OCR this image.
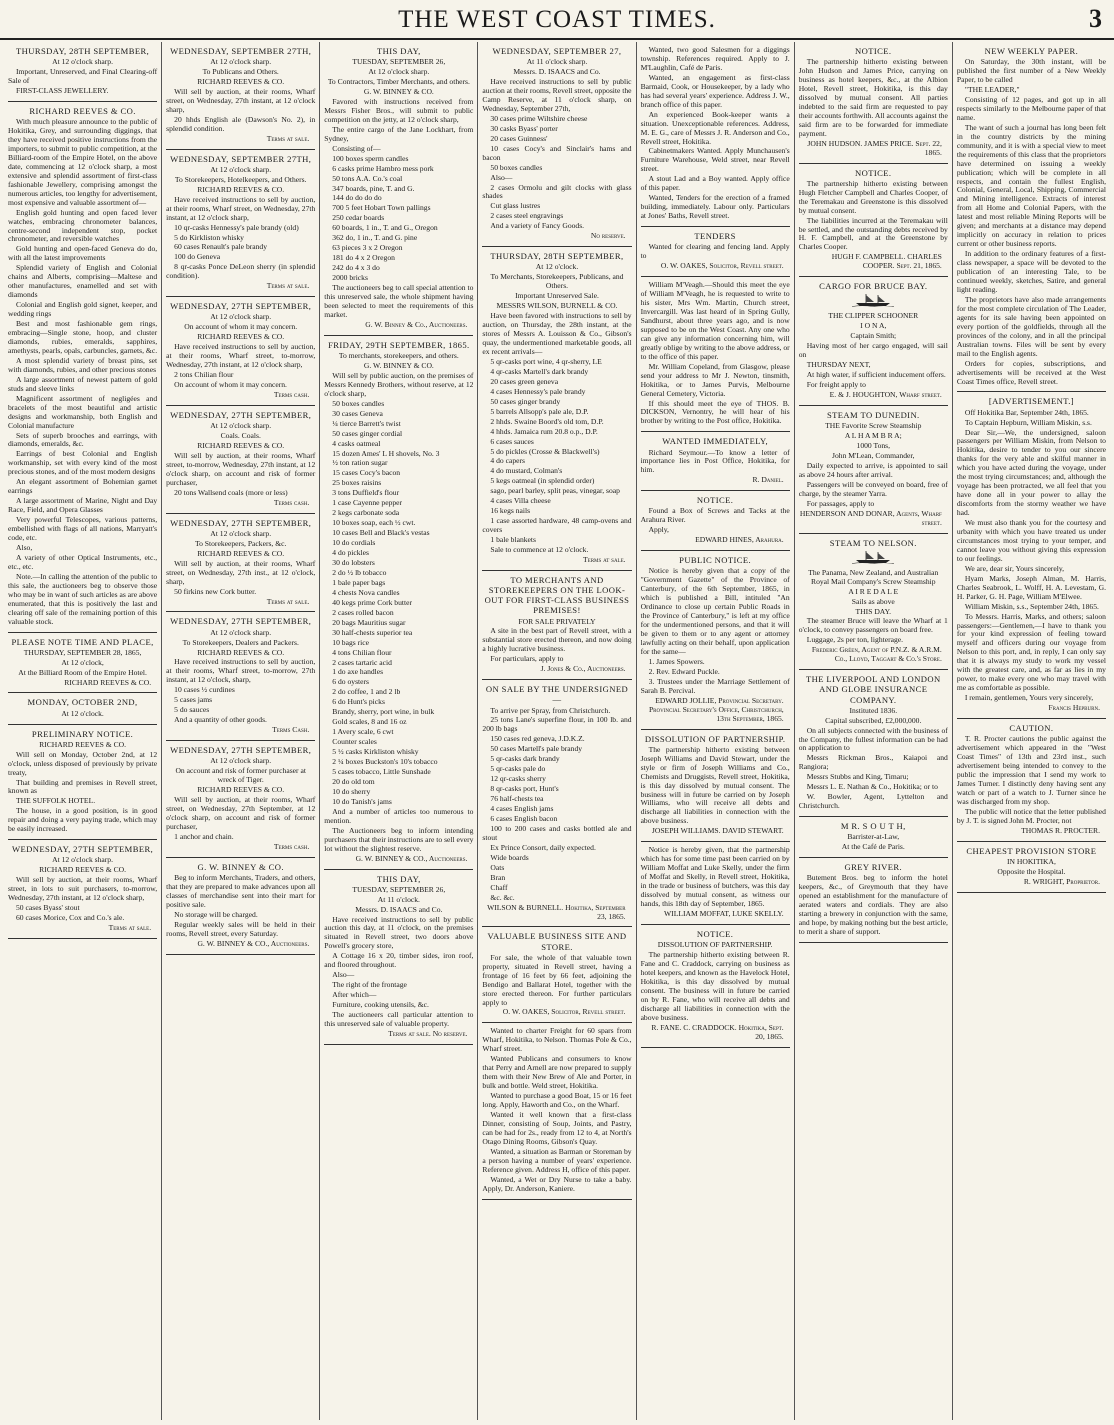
THE WEST COAST TIMES.	3
THURSDAY, 28TH SEPTEMBER,
At 12 o'clock sharp.
Important, Unreserved, and Final Clearing-off Sale of
FIRST-CLASS JEWELLERY.
RICHARD REEVES & CO.
With much pleasure announce to the public of Hokitika, Grey, and surrounding diggings, that they have received positive instructions from the importers, to submit to public competition, at the Billiard-room of the Empire Hotel, on the above date, commencing at 12 o'clock sharp, a most extensive and splendid assortment of first-class fashionable Jewellery, comprising amongst the numerous articles, too lengthy for advertisement, most expensive and valuable assortment of—
English gold hunting and open faced lever watches, embracing chronometer balances, centre-second independent stop, pocket chronometer, and reversible watches
Gold hunting and open-faced Geneva do do, with all the latest improvements
Splendid variety of English and Colonial chains and Alberts, comprising—Maltese and other manufactures, enamelled and set with diamonds
Colonial and English gold signet, keeper, and wedding rings
Best and most fashionable gem rings, embracing—Single stone, hoop, and cluster diamonds, rubies, emeralds, sapphires, amethysts, pearls, opals, carbuncles, garnets, &c.
A most splendid variety of breast pins, set with diamonds, rubies, and other precious stones
A large assortment of newest pattern of gold studs and sleeve links
Magnificent assortment of negligées and bracelets of the most beautiful and artistic designs and workmanship, both English and Colonial manufacture
Sets of superb brooches and earrings, with diamonds, emeralds, &c.
Earrings of best Colonial and English workmanship, set with every kind of the most precious stones, and of the most modern designs
An elegant assortment of Bohemian garnet earrings
A large assortment of Marine, Night and Day Race, Field, and Opera Glasses
Very powerful Telescopes, various patterns, embellished with flags of all nations, Marryatt's code, etc.
Also,
A variety of other Optical Instruments, etc., etc., etc.
Note.—In calling the attention of the public to this sale, the auctioneers beg to observe those who may be in want of such articles as are above enumerated, that this is positively the last and clearing off sale of the remaining portion of this valuable stock.
PLEASE NOTE TIME AND PLACE,
THURSDAY, SEPTEMBER 28, 1865,
At 12 o'clock,
At the Billiard Room of the Empire Hotel.
RICHARD REEVES & CO.
MONDAY, OCTOBER 2ND,
At 12 o'clock.
PRELIMINARY NOTICE.
RICHARD REEVES & CO.
Will sell on Monday, October 2nd, at 12 o'clock, unless disposed of previously by private treaty,
That building and premises in Revell street, known as
THE SUFFOLK HOTEL.
The house, in a good position, is in good repair and doing a very paying trade, which may be easily increased.
WEDNESDAY, 27TH SEPTEMBER,
At 12 o'clock sharp.
RICHARD REEVES & CO.
Will sell by auction, at their rooms, Wharf street, in lots to suit purchasers, to-morrow, Wednesday, 27th instant, at 12 o'clock sharp,
50 cases Byass' stout
60 cases Morice, Cox and Co.'s ale.
Terms at sale.
WEDNESDAY, SEPTEMBER 27TH,
At 12 o'clock sharp.
To Publicans and Others.
RICHARD REEVES & CO.
Will sell by auction, at their rooms, Wharf street, on Wednesday, 27th instant, at 12 o'clock sharp,
20 hhds English ale (Dawson's No. 2), in splendid condition.
Terms at sale.
WEDNESDAY, SEPTEMBER 27TH,
At 12 o'clock sharp.
To Storekeepers, Hotelkeepers, and Others.
RICHARD REEVES & CO.
Have received instructions to sell by auction, at their rooms, Wharf street, on Wednesday, 27th instant, at 12 o'clock sharp,
10 qr-casks Hennessy's pale brandy (old)
5 do Kirkliston whisky
60 cases Renault's pale brandy
100 do Geneva
8 qr-casks Ponce DeLeon sherry (in splendid condition).
Terms at sale.
WEDNESDAY, 27TH SEPTEMBER,
At 12 o'clock sharp.
On account of whom it may concern.
RICHARD REEVES & CO.
Have received instructions to sell by auction, at their rooms, Wharf street, to-morrow, Wednesday, 27th instant, at 12 o'clock sharp,
2 tons Chilian flour
On account of whom it may concern.
Terms cash.
WEDNESDAY, 27TH SEPTEMBER,
At 12 o'clock sharp.
Coals. Coals.
RICHARD REEVES & CO.
Will sell by auction, at their rooms, Wharf street, to-morrow, Wednesday, 27th instant, at 12 o'clock sharp, on account and risk of former purchaser,
20 tons Wallsend coals (more or less)
Terms cash.
WEDNESDAY, 27TH SEPTEMBER,
At 12 o'clock sharp.
To Storekeepers, Packers, &c.
RICHARD REEVES & CO.
Will sell by auction, at their rooms, Wharf street, on Wednesday, 27th inst., at 12 o'clock, sharp,
50 firkins new Cork butter.
Terms at sale.
WEDNESDAY, 27TH SEPTEMBER,
At 12 o'clock sharp.
To Storekeepers, Dealers and Packers.
RICHARD REEVES & CO.
Have received instructions to sell by auction, at their rooms, Wharf street, to-morrow, 27th instant, at 12 o'clock, sharp,
10 cases ½ curdines
5 cases jams
5 do sauces
And a quantity of other goods.
Terms Cash.
WEDNESDAY, 27TH SEPTEMBER,
At 12 o'clock sharp.
On account and risk of former purchaser at wreck of Tiger.
RICHARD REEVES & CO.
Will sell by auction, at their rooms, Wharf street, on Wednesday, 27th September, at 12 o'clock sharp, on account and risk of former purchaser,
1 anchor and chain.
Terms cash.
G. W. BINNEY & CO.
Beg to inform Merchants, Traders, and others, that they are prepared to make advances upon all classes of merchandise sent into their mart for positive sale.
No storage will be charged.
Regular weekly sales will be held in their rooms, Revell street, every Saturday.
G. W. BINNEY & CO., Auctioneers.
THIS DAY,
TUESDAY, SEPTEMBER 26,
At 12 o'clock sharp.
To Contractors, Timber Merchants, and others.
G. W. BINNEY & CO.
Favored with instructions received from Messrs Fisher Bros., will submit to public competition on the jetty, at 12 o'clock sharp,
The entire cargo of the Jane Lockhart, from Sydney,
Consisting of—
100 boxes sperm candles
6 casks prime Hambro mess pork
50 tons A.A. Co.'s coal
347 boards, pine, T. and G.
144 do do do do
700 5 feet Hobart Town pallings
250 cedar boards
60 boards, 1 in., T. and G., Oregon
362 do, 1 in., T. and G. pine
63 pieces 3 x 2 Oregon
181 do 4 x 2 Oregon
242 do 4 x 3 do
2000 bricks
The auctioneers beg to call special attention to this unreserved sale, the whole shipment having been selected to meet the requirements of this market.
G. W. Binney & Co., Auctioneers.
FRIDAY, 29TH SEPTEMBER, 1865.
To merchants, storekeepers, and others.
G. W. BINNEY & CO.
Will sell by public auction, on the premises of Messrs Kennedy Brothers, without reserve, at 12 o'clock sharp,
50 boxes candles
30 cases Geneva
¼ tierce Barrett's twist
50 cases ginger cordial
4 casks oatmeal
15 dozen Ames' L H shovels, No. 3
½ ton ration sugar
15 cases Cocy's bacon
25 boxes raisins
3 tons Duffield's flour
1 case Cayenne pepper
2 kegs carbonate soda
10 boxes soap, each ½ cwt.
10 cases Bell and Black's vestas
10 do cordials
4 do pickles
30 do lobsters
2 do ½ lb tobacco
1 bale paper bags
4 chests Nova candles
40 kegs prime Cork butter
2 cases rolled bacon
20 bags Mauritius sugar
30 half-chests superior tea
10 bags rice
4 tons Chilian flour
2 cases tartaric acid
1 do axe handles
6 do oysters
2 do coffee, 1 and 2 lb
6 do Hunt's picks
Brandy, sherry, port wine, in bulk
Gold scales, 8 and 16 oz
1 Avery scale, 6 cwt
Counter scales
5 ½ casks Kirkliston whisky
2 ¼ boxes Buckston's 10's tobacco
5 cases tobacco, Little Sunshade
20 do old tom
10 do sherry
10 do Tanish's jams
And a number of articles too numerous to mention.
The Auctioneers beg to inform intending purchasers that their instructions are to sell every lot without the slightest reserve.
G. W. BINNEY & CO., Auctioneers.
THIS DAY,
TUESDAY, SEPTEMBER 26,
At 11 o'clock.
Messrs. D. ISAACS and Co.
Have received instructions to sell by public auction this day, at 11 o'clock, on the premises situated in Revell street, two doors above Powell's grocery store,
A Cottage 16 x 20, timber sides, iron roof, and floored throughout.
Also—
The right of the frontage
After which—
Furniture, cooking utensils, &c.
The auctioneers call particular attention to this unreserved sale of valuable property.
Terms at sale. No reserve.
WEDNESDAY, SEPTEMBER 27,
At 11 o'clock sharp.
Messrs. D. ISAACS and Co.
Have received instructions to sell by public auction at their rooms, Revell street, opposite the Camp Reserve, at 11 o'clock sharp, on Wednesday, September 27th,
30 cases prime Wiltshire cheese
30 casks Byass' porter
20 cases Guinness'
10 cases Cocy's and Sinclair's hams and bacon
50 boxes candles
Also—
2 cases Ormolu and gilt clocks with glass shades
Cut glass lustres
2 cases steel engravings
And a variety of Fancy Goods.
No reserve.
THURSDAY, 28TH SEPTEMBER,
At 12 o'clock.
To Merchants, Storekeepers, Publicans, and Others.
Important Unreserved Sale.
MESSRS WILSON, BURNELL & CO.
Have been favored with instructions to sell by auction, on Thursday, the 28th instant, at the stores of Messrs A. Louisson & Co., Gibson's quay, the undermentioned marketable goods, all ex recent arrivals—
5 qr-casks port wine, 4 qr-sherry, LE
4 qr-casks Martell's dark brandy
20 cases green geneva
4 cases Hennessy's pale brandy
50 cases ginger brandy
5 barrels Allsopp's pale ale, D.P.
2 hhds. Swaine Boord's old tom, D.P.
4 hhds. Jamaica rum 20.8 o.p., D.P.
6 cases sauces
5 do pickles (Crosse & Blackwell's)
4 do capers
4 do mustard, Colman's
5 kegs oatmeal (in splendid order)
sago, pearl barley, split peas, vinegar, soap
4 cases Villa cheese
16 kegs nails
1 case assorted hardware, 48 camp-ovens and covers
1 bale blankets
Sale to commence at 12 o'clock.
Terms at sale.
TO MERCHANTS AND STOREKEEPERS ON THE LOOK-OUT FOR FIRST-CLASS BUSINESS PREMISES!
FOR SALE PRIVATELY
A site in the best part of Revell street, with a substantial store erected thereon, and now doing a highly lucrative business.
For particulars, apply to
J. Jones & Co., Auctioneers.
ON SALE BY THE UNDERSIGNED—
To arrive per Spray, from Christchurch.
25 tons Lane's superfine flour, in 100 lb. and 200 lb bags
150 cases red geneva, J.D.K.Z.
50 cases Martell's pale brandy
5 qr-casks dark brandy
5 qr-casks pale do
12 qr-casks sherry
8 qr-casks port, Hunt's
76 half-chests tea
4 cases English jams
6 cases English bacon
100 to 200 cases and casks bottled ale and stout
Ex Prince Consort, daily expected.
Wide boards
Oats
Bran
Chaff
&c. &c.
WILSON & BURNELL. Hokitika, September 23, 1865.
VALUABLE BUSINESS SITE AND STORE.
For sale, the whole of that valuable town property, situated in Revell street, having a frontage of 16 feet by 66 feet, adjoining the Bendigo and Ballarat Hotel, together with the store erected thereon. For further particulars apply to
O. W. OAKES, Solicitor, Revell street.
Wanted to charter Freight for 60 spars from Wharf, Hokitika, to Nelson. Thomas Pole & Co., Wharf street.
Wanted Publicans and consumers to know that Perry and Arnell are now prepared to supply them with their New Brew of Ale and Porter, in bulk and bottle. Weld street, Hokitika.
Wanted to purchase a good Boat, 15 or 16 feet long. Apply, Haworth and Co., on the Wharf.
Wanted it well known that a first-class Dinner, consisting of Soup, Joints, and Pastry, can be had for 2s., ready from 12 to 4, at North's Otago Dining Rooms, Gibson's Quay.
Wanted, a situation as Barman or Storeman by a person having a number of years' experience. Reference given. Address H, office of this paper.
Wanted, a Wet or Dry Nurse to take a baby. Apply, Dr. Anderson, Kaniere.
Wanted, two good Salesmen for a diggings township. References required. Apply to J. M'Laughlin, Café de Paris.
Wanted, an engagement as first-class Barmaid, Cook, or Housekeeper, by a lady who has had several years' experience. Address J. W., branch office of this paper.
An experienced Book-keeper wants a situation. Unexceptionable references. Address, M. E. G., care of Messrs J. R. Anderson and Co., Revell street, Hokitika.
Cabinetmakers Wanted. Apply Munchausen's Furniture Warehouse, Weld street, near Revell street.
A stout Lad and a Boy wanted. Apply office of this paper.
Wanted, Tenders for the erection of a framed building, immediately. Labour only. Particulars at Jones' Baths, Revell street.
TENDERS
Wanted for clearing and fencing land. Apply to
O. W. OAKES, Solicitor, Revell street.
William M'Veagh.—Should this meet the eye of William M'Veagh, he is requested to write to his sister, Mrs Wm. Martin, Church street, Invercargill. Was last heard of in Spring Gully, Sandhurst, about three years ago, and is now supposed to be on the West Coast. Any one who can give any information concerning him, will greatly oblige by writing to the above address, or to the office of this paper.
Mr. William Copeland, from Glasgow, please send your address to Mr J. Newton, tinsmith, Hokitika, or to James Purvis, Melbourne General Cemetery, Victoria.
If this should meet the eye of THOS. B. DICKSON, Vernontry, he will hear of his brother by writing to the Post office, Hokitika.
WANTED IMMEDIATELY,
Richard Seymour.—To know a letter of importance lies in Post Office, Hokitika, for him.
R. Daniel.
NOTICE.
Found a Box of Screws and Tacks at the Arahura River.
Apply,
EDWARD HINES, Arahura.
PUBLIC NOTICE.
Notice is hereby given that a copy of the "Government Gazette" of the Province of Canterbury, of the 6th September, 1865, in which is published a Bill, intituled "An Ordinance to close up certain Public Roads in the Province of Canterbury," is left at my office for the undermentioned persons, and that it will be given to them or to any agent or attorney lawfully acting on their behalf, upon application for the same—
1. James Spowers.
2. Rev. Edward Puckle.
3. Trustees under the Marriage Settlement of Sarah B. Percival.
EDWARD JOLLIE, Provincial Secretary. Provincial Secretary's Office, Christchurch, 13th September, 1865.
DISSOLUTION OF PARTNERSHIP.
The partnership hitherto existing between Joseph Williams and David Stewart, under the style or firm of Joseph Williams and Co., Chemists and Druggists, Revell street, Hokitika, is this day dissolved by mutual consent. The business will in future be carried on by Joseph Williams, who will receive all debts and discharge all liabilities in connection with the above business.
JOSEPH WILLIAMS. DAVID STEWART.
Notice is hereby given, that the partnership which has for some time past been carried on by William Moffat and Luke Skelly, under the firm of Moffat and Skelly, in Revell street, Hokitika, in the trade or business of butchers, was this day dissolved by mutual consent, as witness our hands, this 18th day of September, 1865.
WILLIAM MOFFAT, LUKE SKELLY.
NOTICE.
DISSOLUTION OF PARTNERSHIP.
The partnership hitherto existing between R. Fane and C. Craddock, carrying on business as hotel keepers, and known as the Havelock Hotel, Hokitika, is this day dissolved by mutual consent. The business will in future be carried on by R. Fane, who will receive all debts and discharge all liabilities in connection with the above business.
R. FANE. C. CRADDOCK. Hokitika, Sept. 20, 1865.
NOTICE.
The partnership hitherto existing between John Hudson and James Price, carrying on business as hotel keepers, &c., at the Albion Hotel, Revell street, Hokitika, is this day dissolved by mutual consent. All parties indebted to the said firm are requested to pay their accounts forthwith. All accounts against the said firm are to be forwarded for immediate payment.
JOHN HUDSON. JAMES PRICE. Sept. 22, 1865.
NOTICE.
The partnership hitherto existing between Hugh Fletcher Campbell and Charles Cooper, of the Teremakau and Greenstone is this dissolved by mutual consent.
The liabilities incurred at the Teremakau will be settled, and the outstanding debts received by H. F. Campbell, and at the Greenstone by Charles Cooper.
HUGH F. CAMPBELL. CHARLES COOPER. Sept. 21, 1865.
CARGO FOR BRUCE BAY.
THE CLIPPER SCHOONER
I O N A,
Captain Smith;
Having most of her cargo engaged, will sail on
THURSDAY NEXT,
At high water, if sufficient inducement offers.
For freight apply to
E. & J. HOUGHTON, Wharf street.
STEAM TO DUNEDIN.
THE Favorite Screw Steamship
A L H A M B R A;
1000 Tons,
John M'Lean, Commander,
Daily expected to arrive, is appointed to sail as above 24 hours after arrival.
Passengers will be conveyed on board, free of charge, by the steamer Yarra.
For passages, apply to
HENDERSON AND DONAR, Agents, Wharf street.
STEAM TO NELSON.
The Panama, New Zealand, and Australian Royal Mail Company's Screw Steamship
A I R E D A L E
Sails as above
THIS DAY.
The steamer Bruce will leave the Wharf at 1 o'clock, to convey passengers on board free.
Luggage, 2s per ton, lighterage.
Frederic Gréen, Agent of P.N.Z. & A.R.M. Co., Lloyd, Taggart & Co.'s Store.
THE LIVERPOOL AND LONDON AND GLOBE INSURANCE COMPANY.
Instituted 1836.
Capital subscribed, £2,000,000.
On all subjects connected with the business of the Company, the fullest information can be had on application to
Messrs Rickman Bros., Kaiapoi and Rangiora;
Messrs Stubbs and King, Timaru;
Messrs L. E. Nathan & Co., Hokitika; or to
W. Bowler, Agent, Lyttelton and Christchurch.
M R. S O U T H,
Barrister-at-Law,
At the Café de Paris.
GREY RIVER.
Butement Bros. beg to inform the hotel keepers, &c., of Greymouth that they have opened an establishment for the manufacture of aerated waters and cordials. They are also starting a brewery in conjunction with the same, and hope, by making nothing but the best article, to merit a share of support.
NEW WEEKLY PAPER.
On Saturday, the 30th instant, will be published the first number of a New Weekly Paper, to be called
"THE LEADER,"
Consisting of 12 pages, and got up in all respects similarly to the Melbourne paper of that name.
The want of such a journal has long been felt in the country districts by the mining community, and it is with a special view to meet the requirements of this class that the proprietors have determined on issuing a weekly publication; which will be complete in all respects, and contain the fullest English, Colonial, General, Local, Shipping, Commercial and Mining intelligence. Extracts of interest from all Home and Colonial Papers, with the latest and most reliable Mining Reports will be given; and merchants at a distance may depend implicitly on accuracy in relation to prices current or other business reports.
In addition to the ordinary features of a first-class newspaper, a space will be devoted to the publication of an interesting Tale, to be continued weekly, sketches, Satire, and general light reading.
The proprietors have also made arrangements for the most complete circulation of The Leader, agents for its sale having been appointed on every portion of the goldfields, through all the provinces of the colony, and in all the principal Australian towns. Files will be sent by every mail to the English agents.
Orders for copies, subscriptions, and advertisements will be received at the West Coast Times office, Revell street.
[ADVERTISEMENT.]
Off Hokitika Bar, September 24th, 1865.
To Captain Hepburn, William Miskin, s.s.
Dear Sir,—We, the undersigned, saloon passengers per William Miskin, from Nelson to Hokitika, desire to tender to you our sincere thanks for the very able and skilful manner in which you have acted during the voyage, under the most trying circumstances; and, although the voyage has been protracted, we all feel that you have done all in your power to allay the discomforts from the stormy weather we have had.
We must also thank you for the courtesy and urbanity with which you have treated us under circumstances most trying to your temper, and cannot leave you without giving this expression to our feelings.
We are, dear sir, Yours sincerely,
Hyam Marks, Joseph Alman, M. Harris, Charles Seabrook, L. Wolff, H. A. Levestam, G. H. Parker, G. H. Page, William M'Elwee.
William Miskin, s.s., September 24th, 1865.
To Messrs. Harris, Marks, and others; saloon passengers:—Gentlemen,—I have to thank you for your kind expression of feeling toward myself and officers during our voyage from Nelson to this port, and, in reply, I can only say that it is always my study to work my vessel with the greatest care, and, as far as lies in my power, to make every one who may travel with me as comfortable as possible.
I remain, gentlemen, Yours very sincerely,
Francis Hepburn.
CAUTION.
T. R. Procter cautions the public against the advertisement which appeared in the "West Coast Times" of 13th and 23rd inst., such advertisement being intended to convey to the public the impression that I send my work to James Turner. I distinctly deny having sent any watch or part of a watch to J. Turner since he was discharged from my shop.
The public will notice that the letter published by J. T. is signed John M. Procter, not
THOMAS R. PROCTER.
CHEAPEST PROVISION STORE
IN HOKITIKA,
Opposite the Hospital.
R. WRIGHT, Proprietor.
